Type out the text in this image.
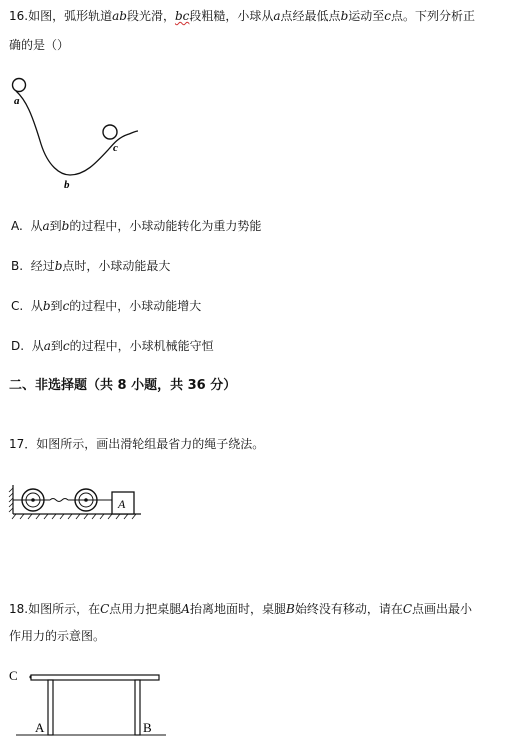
16.如图，弧形轨道ab段光滑，bc段粗糙，小球从a点经最低点b运动至c点。下列分析正
确的是（）
a
b
c
A. 从a到b的过程中，小球动能转化为重力势能
B. 经过b点时，小球动能最大
C. 从b到c的过程中，小球动能增大
D. 从a到c的过程中，小球机械能守恒
二、非选择题（共 8 小题，共 36 分）
17．如图所示，画出滑轮组最省力的绳子绕法。
A
18.如图所示，在C点用力把桌腿A抬离地面时，桌腿B始终没有移动，请在C点画出最小
作用力的示意图。
C
A	B
